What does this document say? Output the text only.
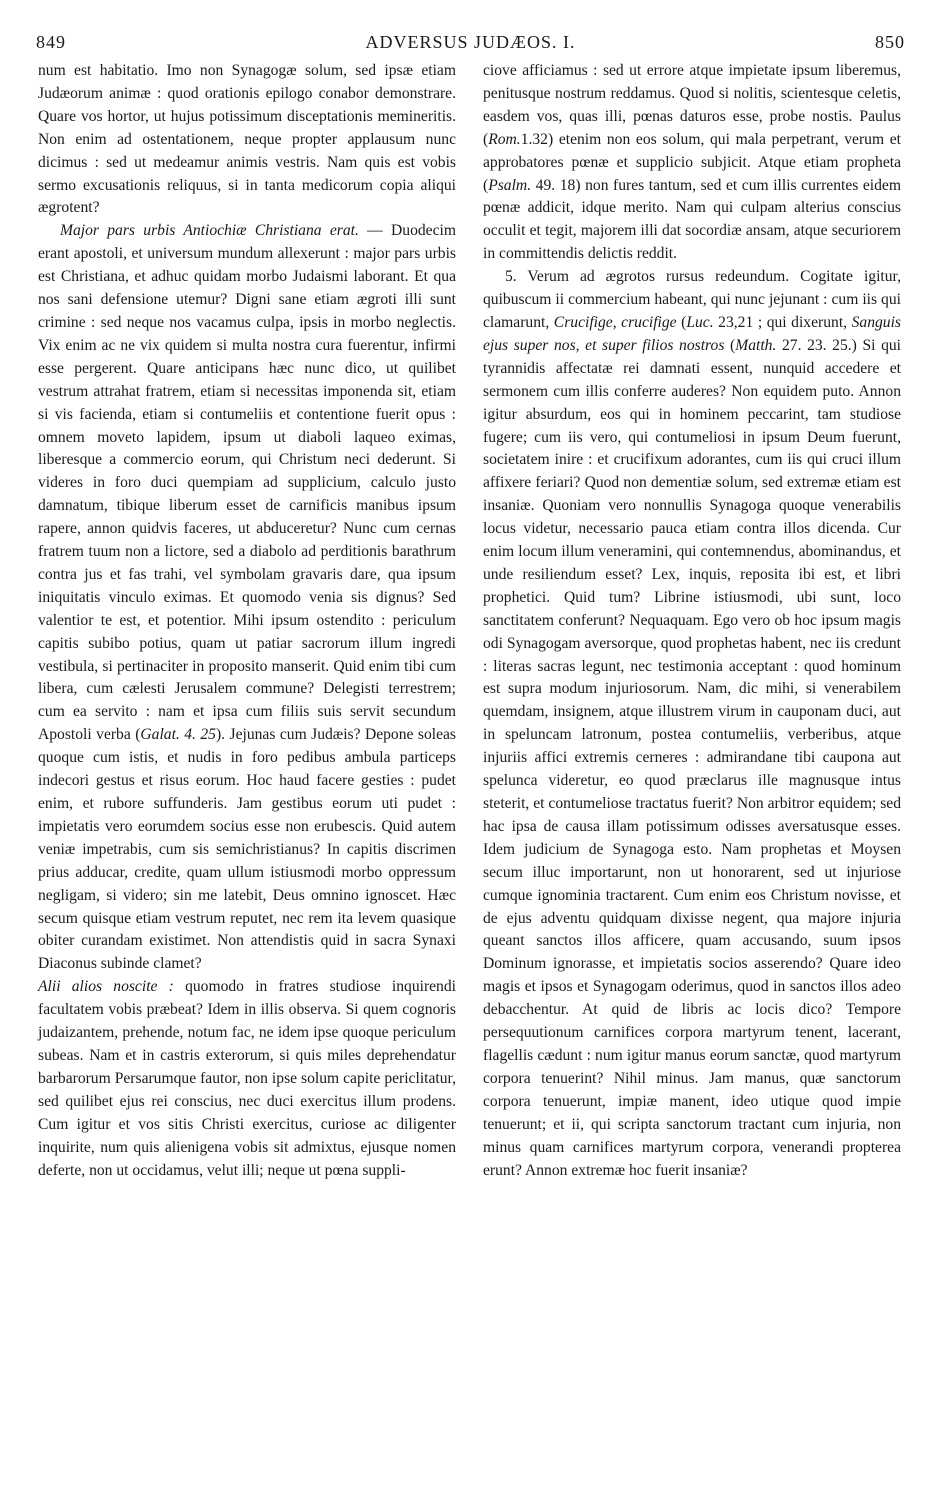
849	ADVERSUS JUDÆOS. I.	850

num est habitatio. Imo non Synagogæ solum, sed ipsæ etiam Judæorum animæ : quod orationis epilogo conabor demonstrare. Quare vos hortor, ut hujus potissimum disceptationis memineritis. Non enim ad ostentationem, neque propter applausum nunc dicimus : sed ut medeamur animis vestris. Nam quis est vobis sermo excusationis reliquus, si in tanta medicorum copia aliqui ægrotent?

Major pars urbis Antiochiæ Christiana erat. — Duodecim erant apostoli, et universum mundum allexerunt : major pars urbis est Christiana, et adhuc quidam morbo Judaismi laborant. Et qua nos sani defensione utemur? Digni sane etiam ægroti illi sunt crimine : sed neque nos vacamus culpa, ipsis in morbo neglectis. Vix enim ac ne vix quidem si multa nostra cura fuerentur, infirmi esse pergerent. Quare anticipans hæc nunc dico, ut quilibet vestrum attrahat fratrem, etiam si necessitas imponenda sit, etiam si vis facienda, etiam si contumeliis et contentione fuerit opus : omnem moveto lapidem, ipsum ut diaboli laqueo eximas, liberesque a commercio eorum, qui Christum neci dederunt. Si videres in foro duci quempiam ad supplicium, calculo justo damnatum, tibique liberum esset de carnificis manibus ipsum rapere, annon quidvis faceres, ut abduceretur? Nunc cum cernas fratrem tuum non a lictore, sed a diabolo ad perditionis barathrum contra jus et fas trahi, vel symbolam gravaris dare, qua ipsum iniquitatis vinculo eximas. Et quomodo venia sis dignus? Sed valentior te est, et potentior. Mihi ipsum ostendito : periculum capitis subibo potius, quam ut patiar sacrorum illum ingredi vestibula, si pertinaciter in proposito manserit. Quid enim tibi cum libera, cum cælesti Jerusalem commune? Delegisti terrestrem; cum ea servito : nam et ipsa cum filiis suis servit secundum Apostoli verba (Galat. 4. 25). Jejunas cum Judæis? Depone soleas quoque cum istis, et nudis in foro pedibus ambula particeps indecori gestus et risus eorum. Hoc haud facere gesties : pudet enim, et rubore suffunderis. Jam gestibus eorum uti pudet : impietatis vero eorumdem socius esse non erubescis. Quid autem veniæ impetrabis, cum sis semichristianus? In capitis discrimen prius adducar, credite, quam ullum istiusmodi morbo oppressum negligam, si videro; sin me latebit, Deus omnino ignoscet. Hæc secum quisque etiam vestrum reputet, nec rem ita levem quasique obiter curandam existimet. Non attendistis quid in sacra Synaxi Diaconus subinde clamet?

Alii alios noscite : quomodo in fratres studiose inquirendi facultatem vobis præbeat? Idem in illis observa. Si quem cognoris judaizantem, prehende, notum fac, ne idem ipse quoque periculum subeas. Nam et in castris exterorum, si quis miles deprehendatur barbarorum Persarumque fautor, non ipse solum capite periclitatur, sed quilibet ejus rei conscius, nec duci exercitus illum prodens. Cum igitur et vos sitis Christi exercitus, curiose ac diligenter inquirite, num quis alienigena vobis sit admixtus, ejusque nomen deferte, non ut occidamus, velut illi; neque ut pœna suppli-

ciove afficiamus : sed ut errore atque impietate ipsum liberemus, penitusque nostrum reddamus. Quod si nolitis, scientesque celetis, easdem vos, quas illi, pœnas daturos esse, probe nostis. Paulus (Rom.1.32) etenim non eos solum, qui mala perpetrant, verum et approbatores pœnæ et supplicio subjicit. Atque etiam propheta (Psalm. 49. 18) non fures tantum, sed et cum illis currentes eidem pœnæ addicit, idque merito. Nam qui culpam alterius conscius occulit et tegit, majorem illi dat socordiæ ansam, atque securiorem in committendis delictis reddit.

5. Verum ad ægrotos rursus redeundum. Cogitate igitur, quibuscum ii commercium habeant, qui nunc jejunant : cum iis qui clamarunt, Crucifige, crucifige (Luc. 23,21 ; qui dixerunt, Sanguis ejus super nos, et super filios nostros (Matth. 27. 23. 25.) Si qui tyrannidis affectatæ rei damnati essent, nunquid accedere et sermonem cum illis conferre auderes? Non equidem puto. Annon igitur absurdum, eos qui in hominem peccarint, tam studiose fugere; cum iis vero, qui contumeliosi in ipsum Deum fuerunt, societatem inire : et crucifixum adorantes, cum iis qui cruci illum affixere feriari? Quod non dementiæ solum, sed extremæ etiam est insaniæ. Quoniam vero nonnullis Synagoga quoque venerabilis locus videtur, necessario pauca etiam contra illos dicenda. Cur enim locum illum veneramini, qui contemnendus, abominandus, et unde resiliendum esset? Lex, inquis, reposita ibi est, et libri prophetici. Quid tum? Librine istiusmodi, ubi sunt, loco sanctitatem conferunt? Nequaquam. Ego vero ob hoc ipsum magis odi Synagogam aversorque, quod prophetas habent, nec iis credunt : literas sacras legunt, nec testimonia acceptant : quod hominum est supra modum injuriosorum. Nam, dic mihi, si venerabilem quemdam, insignem, atque illustrem virum in cauponam duci, aut in speluncam latronum, postea contumeliis, verberibus, atque injuriis affici extremis cerneres : admirandane tibi caupona aut spelunca videretur, eo quod præclarus ille magnusque intus steterit, et contumeliose tractatus fuerit? Non arbitror equidem; sed hac ipsa de causa illam potissimum odisses aversatusque esses. Idem judicium de Synagoga esto. Nam prophetas et Moysen secum illuc importarunt, non ut honorarent, sed ut injuriose cumque ignominia tractarent. Cum enim eos Christum novisse, et de ejus adventu quidquam dixisse negent, qua majore injuria queant sanctos illos afficere, quam accusando, suum ipsos Dominum ignorasse, et impietatis socios asserendo? Quare ideo magis et ipsos et Synagogam oderimus, quod in sanctos illos adeo debacchentur. At quid de libris ac locis dico? Tempore persequutionum carnifices corpora martyrum tenent, lacerant, flagellis cædunt : num igitur manus eorum sanctæ, quod martyrum corpora tenuerint? Nihil minus. Jam manus, quæ sanctorum corpora tenuerunt, impiæ manent, ideo utique quod impie tenuerunt; et ii, qui scripta sanctorum tractant cum injuria, non minus quam carnifices martyrum corpora, venerandi propterea erunt? Annon extremæ hoc fuerit insaniæ?
